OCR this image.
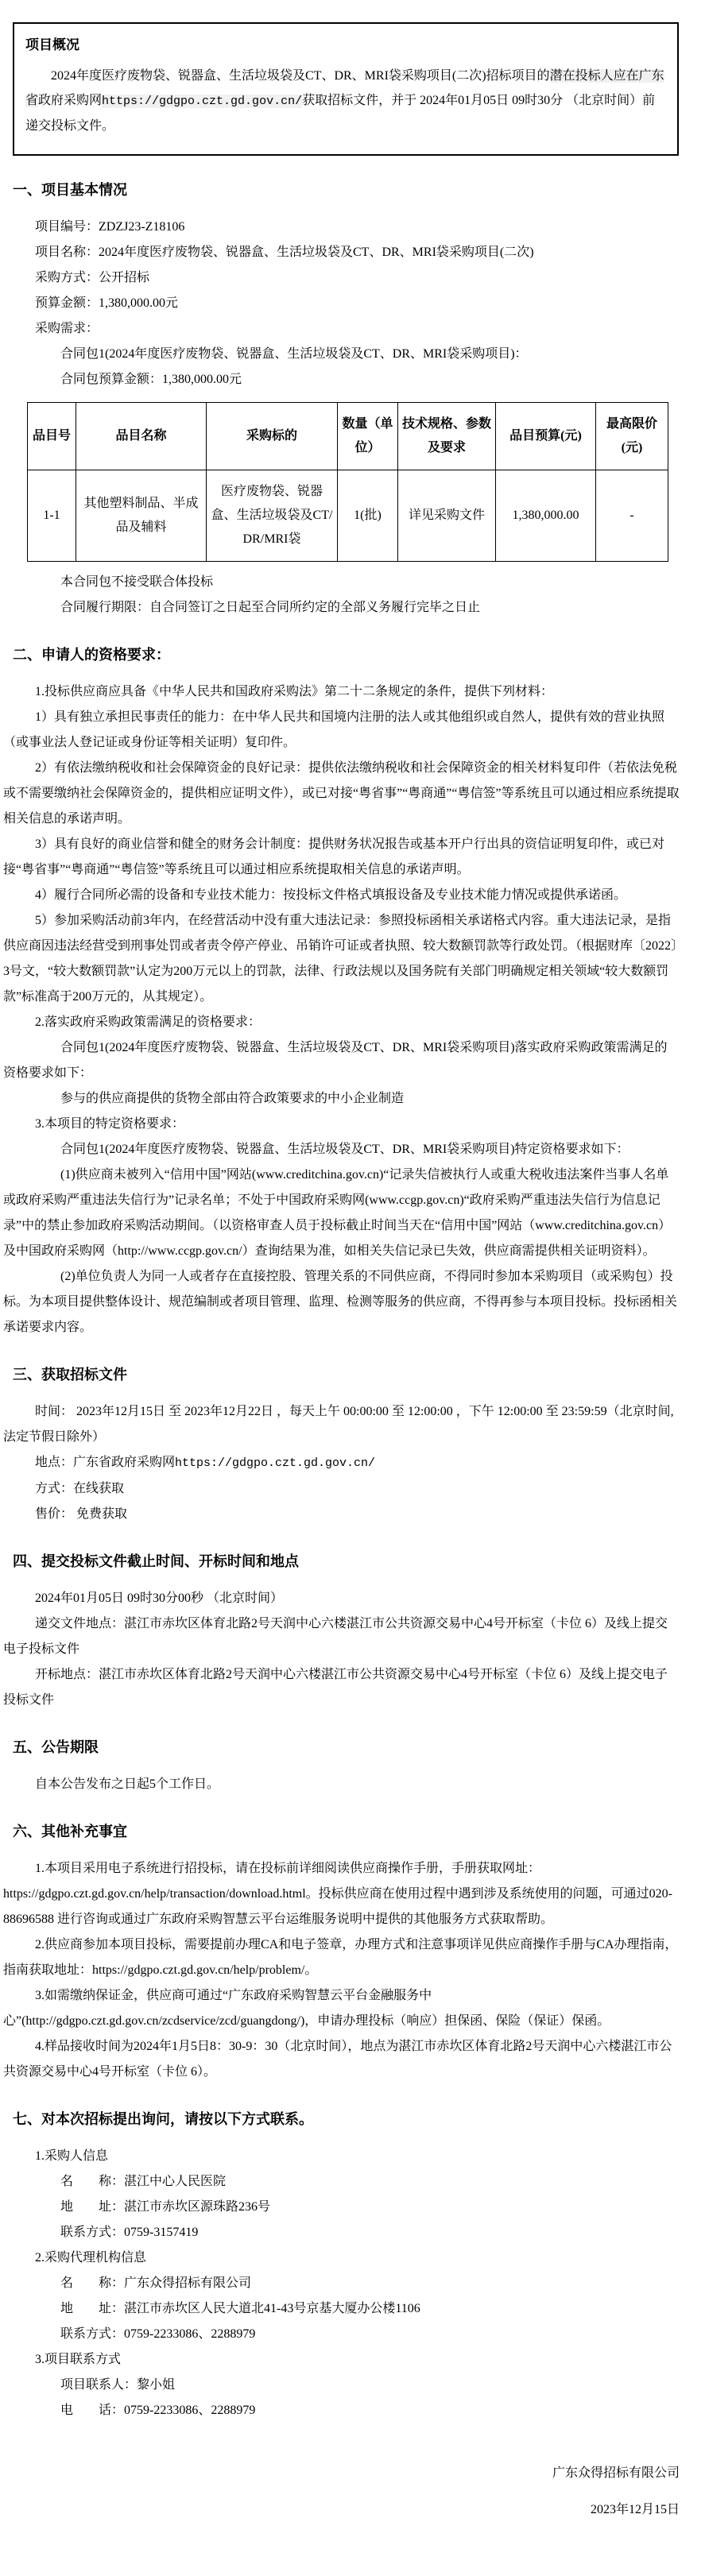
项目概况

2024年度医疗废物袋、锐器盒、生活垃圾袋及CT、DR、MRI袋采购项目(二次)招标项目的潜在投标人应在广东省政府采购网https://gdgpo.czt.gd.gov.cn/获取招标文件，并于 2024年01月05日 09时30分 （北京时间）前递交投标文件。

一、项目基本情况

项目编号：ZDZJ23-Z18106

项目名称：2024年度医疗废物袋、锐器盒、生活垃圾袋及CT、DR、MRI袋采购项目(二次)

采购方式：公开招标

预算金额：1,380,000.00元

采购需求：

合同包1(2024年度医疗废物袋、锐器盒、生活垃圾袋及CT、DR、MRI袋采购项目)：

合同包预算金额：1,380,000.00元

品目号	品目名称	采购标的	数量（单位）	技术规格、参数及要求	品目预算(元)	最高限价(元)
1-1	其他塑料制品、半成品及辅料	医疗废物袋、锐器盒、生活垃圾袋及CT/DR/MRI袋	1(批)	详见采购文件	1,380,000.00	-

本合同包不接受联合体投标

合同履行期限：自合同签订之日起至合同所约定的全部义务履行完毕之日止

二、申请人的资格要求：

1.投标供应商应具备《中华人民共和国政府采购法》第二十二条规定的条件，提供下列材料：

1）具有独立承担民事责任的能力：在中华人民共和国境内注册的法人或其他组织或自然人，提供有效的营业执照（或事业法人登记证或身份证等相关证明）复印件。

2）有依法缴纳税收和社会保障资金的良好记录：提供依法缴纳税收和社会保障资金的相关材料复印件（若依法免税或不需要缴纳社会保障资金的，提供相应证明文件），或已对接“粤省事”“粤商通”“粤信签”等系统且可以通过相应系统提取相关信息的承诺声明。

3）具有良好的商业信誉和健全的财务会计制度：提供财务状况报告或基本开户行出具的资信证明复印件，或已对接“粤省事”“粤商通”“粤信签”等系统且可以通过相应系统提取相关信息的承诺声明。

4）履行合同所必需的设备和专业技术能力：按投标文件格式填报设备及专业技术能力情况或提供承诺函。

5）参加采购活动前3年内，在经营活动中没有重大违法记录：参照投标函相关承诺格式内容。重大违法记录，是指供应商因违法经营受到刑事处罚或者责令停产停业、吊销许可证或者执照、较大数额罚款等行政处罚。（根据财库〔2022〕3号文，“较大数额罚款”认定为200万元以上的罚款，法律、行政法规以及国务院有关部门明确规定相关领域“较大数额罚款”标准高于200万元的，从其规定）。

2.落实政府采购政策需满足的资格要求：

合同包1(2024年度医疗废物袋、锐器盒、生活垃圾袋及CT、DR、MRI袋采购项目)落实政府采购政策需满足的资格要求如下：

参与的供应商提供的货物全部由符合政策要求的中小企业制造

3.本项目的特定资格要求：

合同包1(2024年度医疗废物袋、锐器盒、生活垃圾袋及CT、DR、MRI袋采购项目)特定资格要求如下：

(1)供应商未被列入“信用中国”网站(www.creditchina.gov.cn)“记录失信被执行人或重大税收违法案件当事人名单或政府采购严重违法失信行为”记录名单；不处于中国政府采购网(www.ccgp.gov.cn)“政府采购严重违法失信行为信息记录”中的禁止参加政府采购活动期间。（以资格审查人员于投标截止时间当天在“信用中国”网站（www.creditchina.gov.cn）及中国政府采购网（http://www.ccgp.gov.cn/）查询结果为准，如相关失信记录已失效，供应商需提供相关证明资料）。

(2)单位负责人为同一人或者存在直接控股、管理关系的不同供应商，不得同时参加本采购项目（或采购包）投标。为本项目提供整体设计、规范编制或者项目管理、监理、检测等服务的供应商，不得再参与本项目投标。投标函相关承诺要求内容。

三、获取招标文件

时间： 2023年12月15日 至 2023年12月22日 ，每天上午 00:00:00 至 12:00:00 ，下午 12:00:00 至 23:59:59（北京时间,法定节假日除外）

地点：广东省政府采购网https://gdgpo.czt.gd.gov.cn/

方式：在线获取

售价： 免费获取

四、提交投标文件截止时间、开标时间和地点

2024年01月05日 09时30分00秒 （北京时间）

递交文件地点：湛江市赤坎区体育北路2号天润中心六楼湛江市公共资源交易中心4号开标室（卡位 6）及线上提交电子投标文件

开标地点：湛江市赤坎区体育北路2号天润中心六楼湛江市公共资源交易中心4号开标室（卡位 6）及线上提交电子投标文件

五、公告期限

自本公告发布之日起5个工作日。

六、其他补充事宜

1.本项目采用电子系统进行招投标，请在投标前详细阅读供应商操作手册，手册获取网址：https://gdgpo.czt.gd.gov.cn/help/transaction/download.html。投标供应商在使用过程中遇到涉及系统使用的问题，可通过020-88696588 进行咨询或通过广东政府采购智慧云平台运维服务说明中提供的其他服务方式获取帮助。

2.供应商参加本项目投标，需要提前办理CA和电子签章，办理方式和注意事项详见供应商操作手册与CA办理指南，指南获取地址：https://gdgpo.czt.gd.gov.cn/help/problem/。

3.如需缴纳保证金，供应商可通过“广东政府采购智慧云平台金融服务中心”(http://gdgpo.czt.gd.gov.cn/zcdservice/zcd/guangdong/)，申请办理投标（响应）担保函、保险（保证）保函。

4.样品接收时间为2024年1月5日8：30-9：30（北京时间），地点为湛江市赤坎区体育北路2号天润中心六楼湛江市公共资源交易中心4号开标室（卡位 6）。

七、对本次招标提出询问，请按以下方式联系。

1.采购人信息

名　　称：湛江中心人民医院

地　　址：湛江市赤坎区源珠路236号

联系方式：0759-3157419

2.采购代理机构信息

名　　称：广东众得招标有限公司

地　　址：湛江市赤坎区人民大道北41-43号京基大厦办公楼1106

联系方式：0759-2233086、2288979

3.项目联系方式

项目联系人：黎小姐

电　　话：0759-2233086、2288979

广东众得招标有限公司
2023年12月15日
